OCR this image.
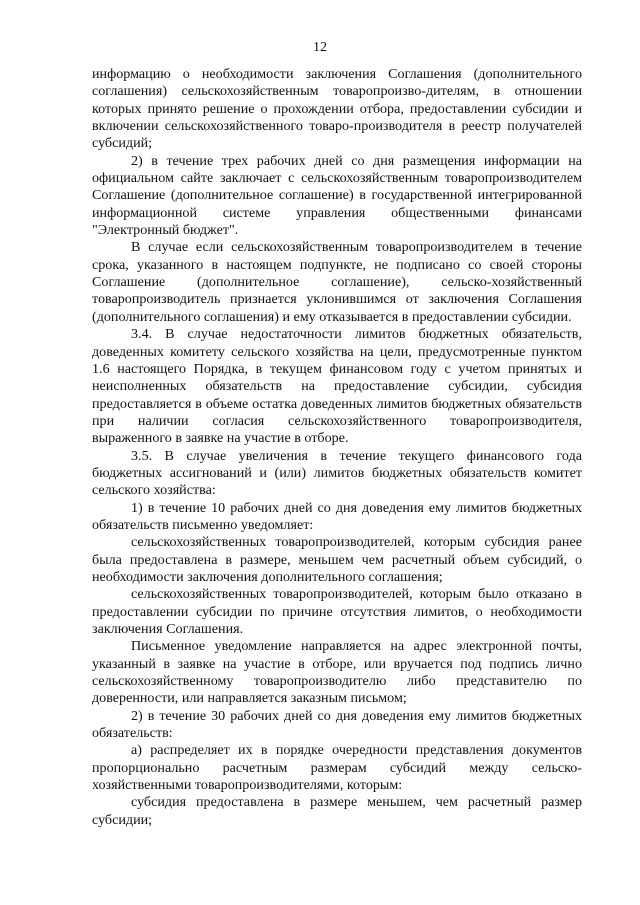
12

информацию о необходимости заключения Соглашения (дополнительного соглашения) сельскохозяйственным товаропроизво-дителям, в отношении которых принято решение о прохождении отбора, предоставлении субсидии и включении сельскохозяйственного товаро-производителя в реестр получателей субсидий;

2) в течение трех рабочих дней со дня размещения информации на официальном сайте заключает с сельскохозяйственным товаропроизводителем Соглашение (дополнительное соглашение) в государственной интегрированной информационной системе управления общественными финансами "Электронный бюджет".

В случае если сельскохозяйственным товаропроизводителем в течение срока, указанного в настоящем подпункте, не подписано со своей стороны Соглашение (дополнительное соглашение), сельско-хозяйственный товаропроизводитель признается уклонившимся от заключения Соглашения (дополнительного соглашения) и ему отказывается в предоставлении субсидии.

3.4. В случае недостаточности лимитов бюджетных обязательств, доведенных комитету сельского хозяйства на цели, предусмотренные пунктом 1.6 настоящего Порядка, в текущем финансовом году с учетом принятых и неисполненных обязательств на предоставление субсидии, субсидия предоставляется в объеме остатка доведенных лимитов бюджетных обязательств при наличии согласия сельскохозяйственного товаропроизводителя, выраженного в заявке на участие в отборе.

3.5. В случае увеличения в течение текущего финансового года бюджетных ассигнований и (или) лимитов бюджетных обязательств комитет сельского хозяйства:

1) в течение 10 рабочих дней со дня доведения ему лимитов бюджетных обязательств письменно уведомляет:

сельскохозяйственных товаропроизводителей, которым субсидия ранее была предоставлена в размере, меньшем чем расчетный объем субсидий, о необходимости заключения дополнительного соглашения;

сельскохозяйственных товаропроизводителей, которым было отказано в предоставлении субсидии по причине отсутствия лимитов, о необходимости заключения Соглашения.

Письменное уведомление направляется на адрес электронной почты, указанный в заявке на участие в отборе, или вручается под подпись лично сельскохозяйственному товаропроизводителю либо представителю по доверенности, или направляется заказным письмом;

2) в течение 30 рабочих дней со дня доведения ему лимитов бюджетных обязательств:

а) распределяет их в порядке очередности представления документов пропорционально расчетным размерам субсидий между сельско-хозяйственными товаропроизводителями, которым:

субсидия предоставлена в размере меньшем, чем расчетный размер субсидии;
